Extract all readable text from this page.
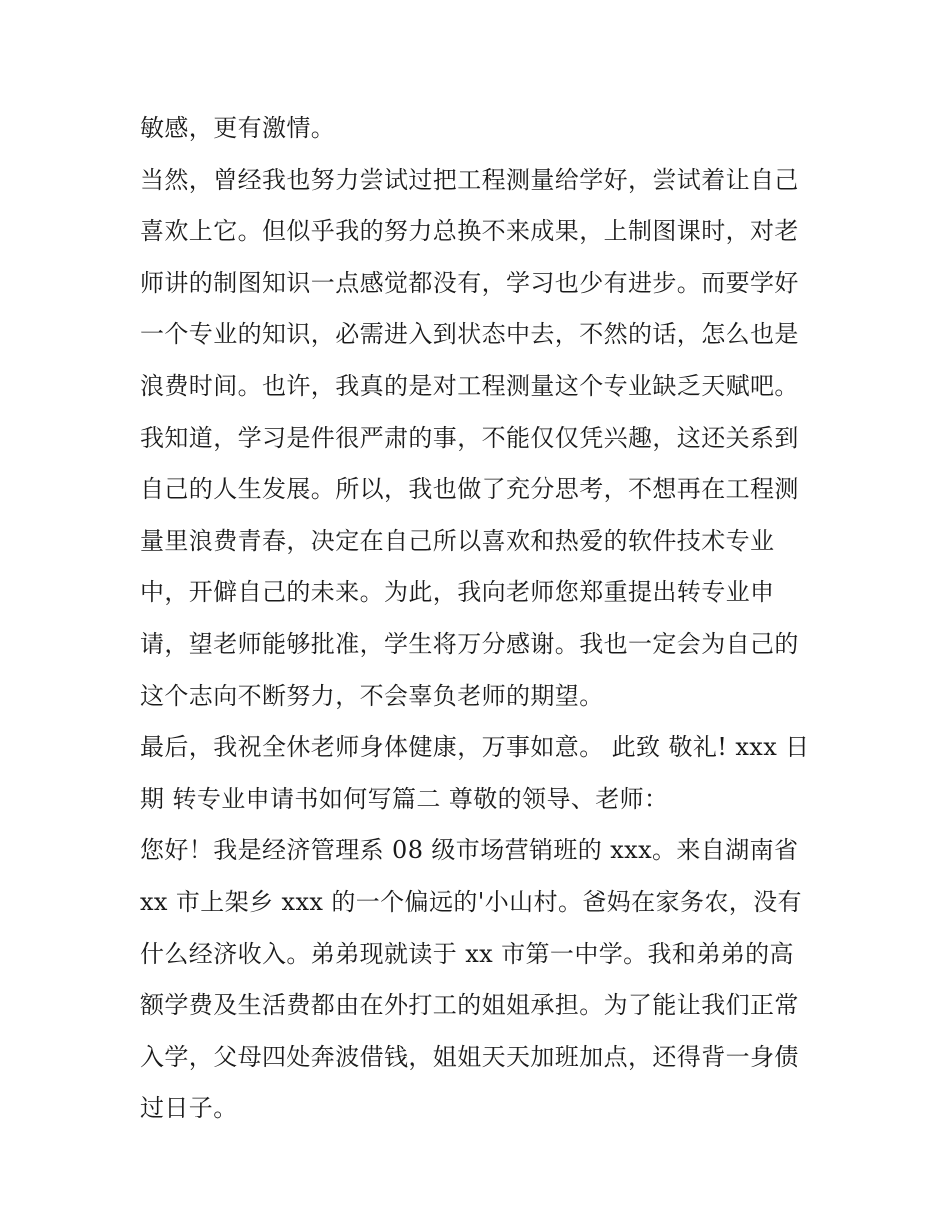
敏感，更有激情。
当然，曾经我也努力尝试过把工程测量给学好，尝试着让自己
喜欢上它。但似乎我的努力总换不来成果，上制图课时，对老
师讲的制图知识一点感觉都没有，学习也少有进步。而要学好
一个专业的知识，必需进入到状态中去，不然的话，怎么也是
浪费时间。也许，我真的是对工程测量这个专业缺乏天赋吧。
我知道，学习是件很严肃的事，不能仅仅凭兴趣，这还关系到
自己的人生发展。所以，我也做了充分思考，不想再在工程测
量里浪费青春，决定在自己所以喜欢和热爱的软件技术专业
中，开僻自己的未来。为此，我向老师您郑重提出转专业申
请，望老师能够批准，学生将万分感谢。我也一定会为自己的
这个志向不断努力，不会辜负老师的期望。
最后，我祝全休老师身体健康，万事如意。 此致 敬礼! xxx 日
期 转专业申请书如何写篇二 尊敬的领导、老师：
您好！我是经济管理系 08 级市场营销班的 xxx。来自湖南省
xx 市上架乡 xxx 的一个偏远的'小山村。爸妈在家务农，没有
什么经济收入。弟弟现就读于 xx 市第一中学。我和弟弟的高
额学费及生活费都由在外打工的姐姐承担。为了能让我们正常
入学，父母四处奔波借钱，姐姐天天加班加点，还得背一身债
过日子。
